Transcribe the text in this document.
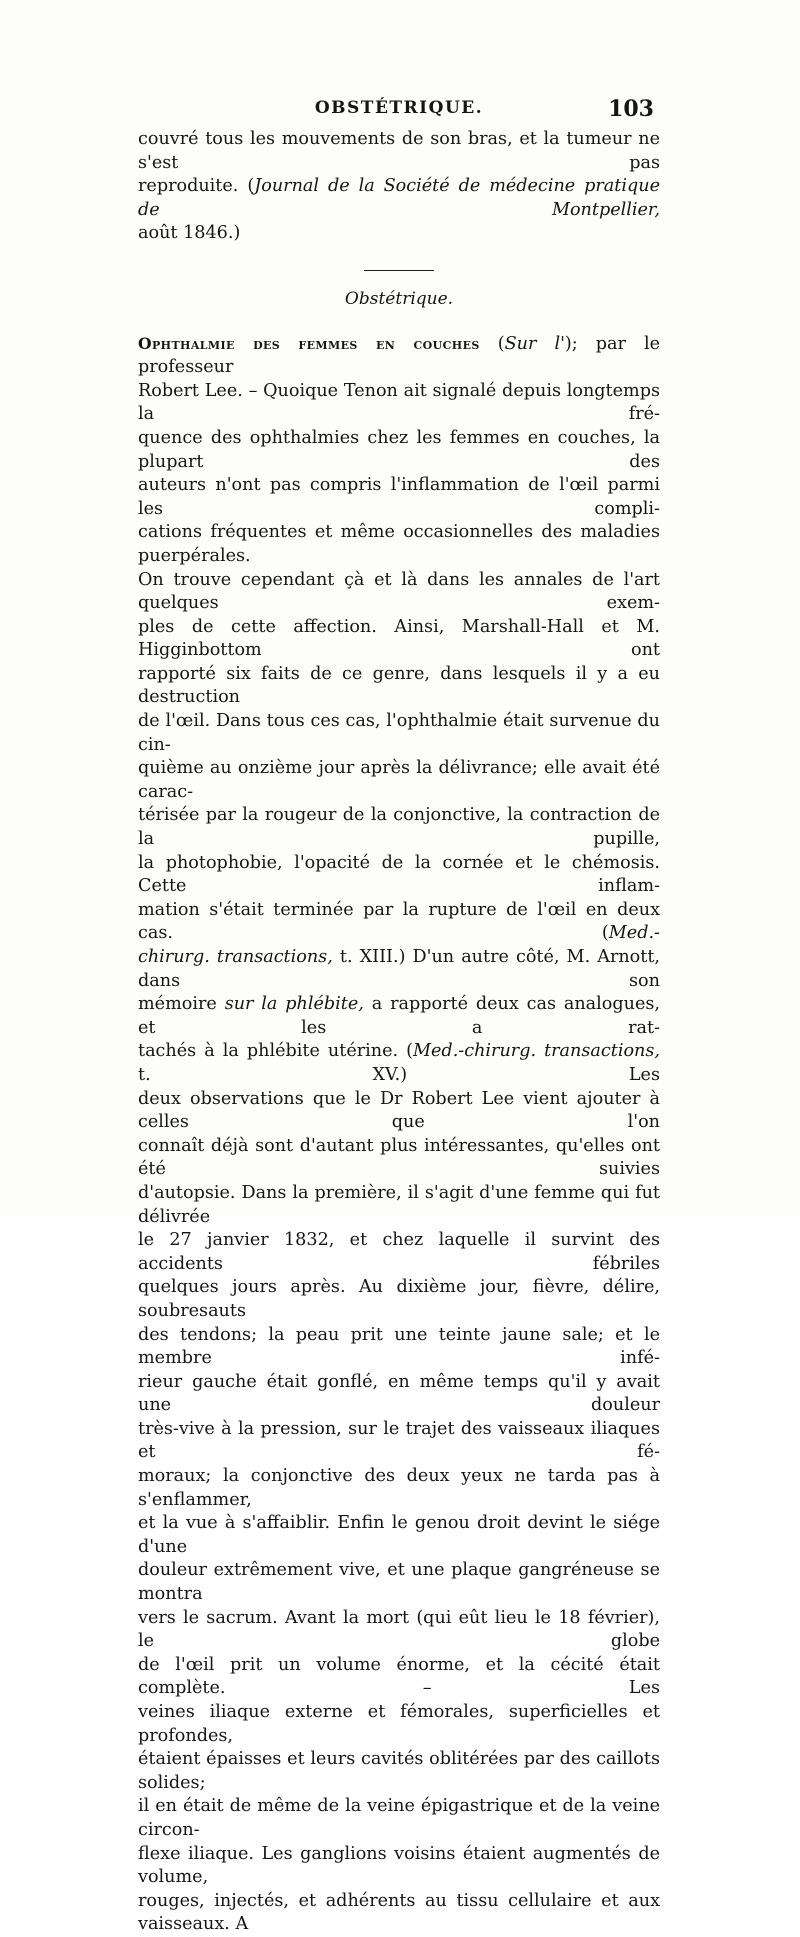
OBSTÉTRIQUE.	103

couvré tous les mouvements de son bras, et la tumeur ne s'est pas

reproduite. (Journal de la Société de médecine pratique de Montpellier,

août 1846.)

Obstétrique.

Ophthalmie des femmes en couches (Sur l'); par le professeur

Robert Lee. – Quoique Tenon ait signalé depuis longtemps la fré-

quence des ophthalmies chez les femmes en couches, la plupart des

auteurs n'ont pas compris l'inflammation de l'œil parmi les compli-

cations fréquentes et même occasionnelles des maladies puerpérales.

On trouve cependant çà et là dans les annales de l'art quelques exem-

ples de cette affection. Ainsi, Marshall-Hall et M. Higginbottom ont

rapporté six faits de ce genre, dans lesquels il y a eu destruction

de l'œil. Dans tous ces cas, l'ophthalmie était survenue du cin-

quième au onzième jour après la délivrance; elle avait été carac-

térisée par la rougeur de la conjonctive, la contraction de la pupille,

la photophobie, l'opacité de la cornée et le chémosis. Cette inflam-

mation s'était terminée par la rupture de l'œil en deux cas. (Med.-

chirurg. transactions, t. XIII.) D'un autre côté, M. Arnott, dans son

mémoire sur la phlébite, a rapporté deux cas analogues, et les a rat-

tachés à la phlébite utérine. (Med.-chirurg. transactions, t. XV.) Les

deux observations que le Dr Robert Lee vient ajouter à celles que l'on

connaît déjà sont d'autant plus intéressantes, qu'elles ont été suivies

d'autopsie. Dans la première, il s'agit d'une femme qui fut délivrée

le 27 janvier 1832, et chez laquelle il survint des accidents fébriles

quelques jours après. Au dixième jour, fièvre, délire, soubresauts

des tendons; la peau prit une teinte jaune sale; et le membre infé-

rieur gauche était gonflé, en même temps qu'il y avait une douleur

très-vive à la pression, sur le trajet des vaisseaux iliaques et fé-

moraux; la conjonctive des deux yeux ne tarda pas à s'enflammer,

et la vue à s'affaiblir. Enfin le genou droit devint le siége d'une

douleur extrêmement vive, et une plaque gangréneuse se montra

vers le sacrum. Avant la mort (qui eût lieu le 18 février), le globe

de l'œil prit un volume énorme, et la cécité était complète. – Les

veines iliaque externe et fémorales, superficielles et profondes,

étaient épaisses et leurs cavités oblitérées par des caillots solides;

il en était de même de la veine épigastrique et de la veine circon-

flexe iliaque. Les ganglions voisins étaient augmentés de volume,

rouges, injectés, et adhérents au tissu cellulaire et aux vaisseaux. A
